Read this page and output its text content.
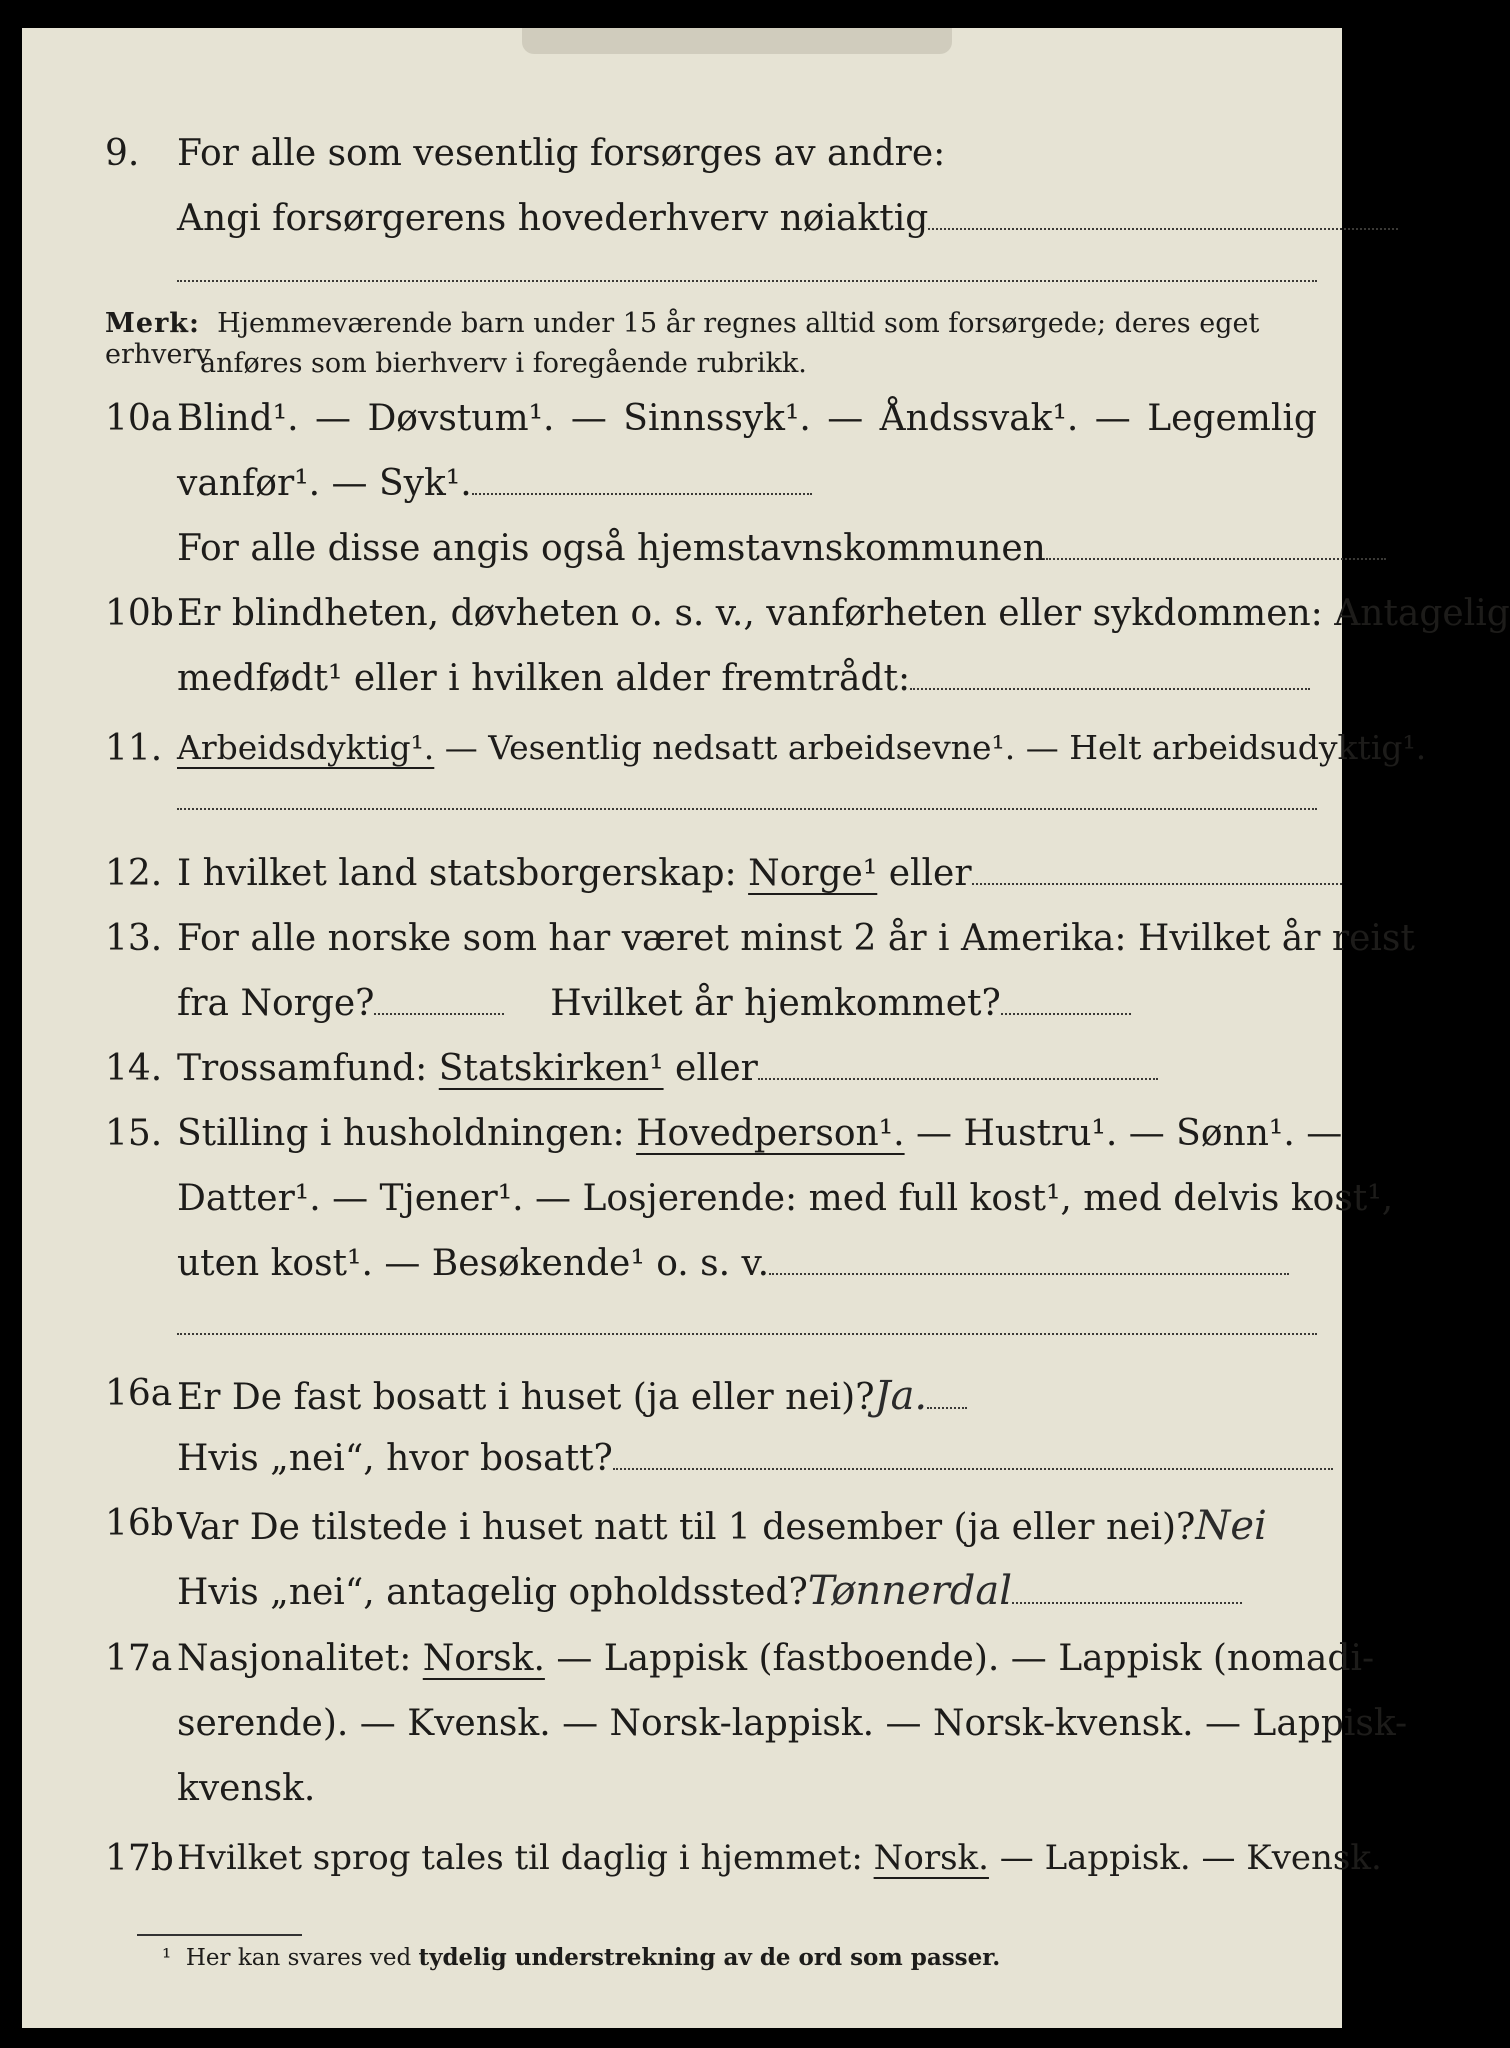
9. For alle som vesentlig forsørges av andre:
Angi forsørgerens hovederhverv nøiaktig
Merk: Hjemmeværende barn under 15 år regnes alltid som forsørgede; deres eget erhverv
anføres som bierhverv i foregående rubrikk.
10a Blind¹. — Døvstum¹. — Sinnssyk¹. — Åndssvak¹. — Legemlig
vanfør¹. — Syk¹.
For alle disse angis også hjemstavnskommunen
10b Er blindheten, døvheten o. s. v., vanførheten eller sykdommen: Antagelig
medfødt¹ eller i hvilken alder fremtrådt:
11. Arbeidsdyktig¹. — Vesentlig nedsatt arbeidsevne¹. — Helt arbeidsudyktig¹.
12. I hvilket land statsborgerskap: Norge¹ eller
13. For alle norske som har været minst 2 år i Amerika: Hvilket år reist
fra Norge?	Hvilket år hjemkommet?
14. Trossamfund: Statskirken¹ eller
15. Stilling i husholdningen: Hovedperson¹. — Hustru¹. — Sønn¹. —
Datter¹. — Tjener¹. — Losjerende: med full kost¹, med delvis kost¹,
uten kost¹. — Besøkende¹ o. s. v.
16a Er De fast bosatt i huset (ja eller nei)?Ja.
Hvis „nei“, hvor bosatt?
16b Var De tilstede i huset natt til 1 desember (ja eller nei)?Nei
Hvis „nei“, antagelig opholdssted?Tønnerdal
17a Nasjonalitet: Norsk. — Lappisk (fastboende). — Lappisk (nomadi-
serende). — Kvensk. — Norsk-lappisk. — Norsk-kvensk. — Lappisk-
kvensk.
17b Hvilket sprog tales til daglig i hjemmet: Norsk. — Lappisk. — Kvensk.
¹ Her kan svares ved tydelig understrekning av de ord som passer.
